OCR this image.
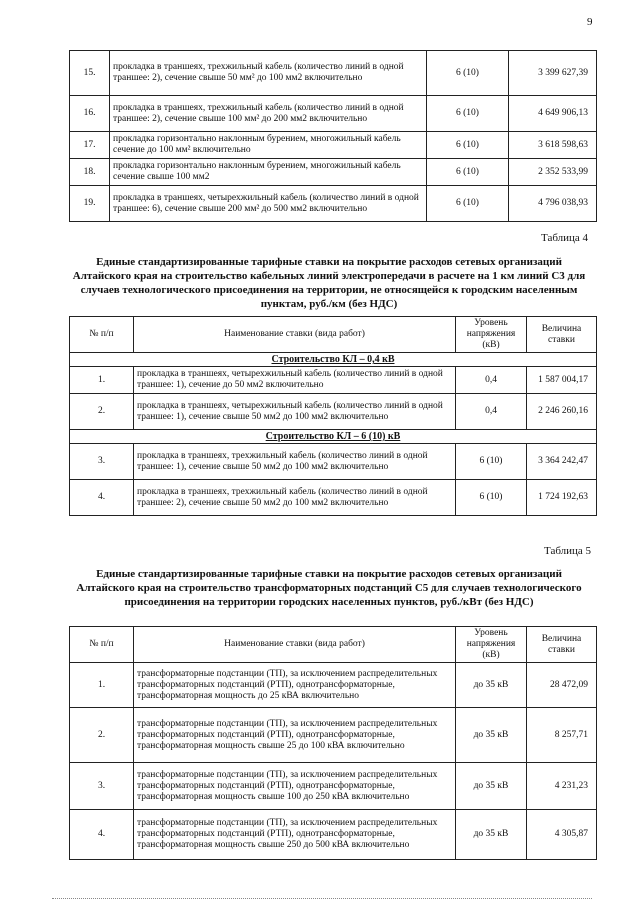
9
15.	прокладка в траншеях, трехжильный кабель (количество линий в одной траншее: 2), сечение свыше 50 мм² до 100 мм2 включительно	6 (10)	3 399 627,39
16.	прокладка в траншеях, трехжильный кабель (количество линий в одной траншее: 2), сечение свыше 100 мм² до 200 мм2 включительно	6 (10)	4 649 906,13
17.	прокладка горизонтально наклонным бурением, многожильный кабель сечение до 100 мм² включительно	6 (10)	3 618 598,63
18.	прокладка горизонтально наклонным бурением, многожильный кабель сечение свыше 100 мм2	6 (10)	2 352 533,99
19.	прокладка в траншеях, четырехжильный кабель (количество линий в одной траншее: 6), сечение свыше 200 мм² до 500 мм2 включительно	6 (10)	4 796 038,93
Таблица 4
Единые стандартизированные тарифные ставки на покрытие расходов сетевых организаций Алтайского края на строительство кабельных линий электропередачи в расчете на 1 км линий С3 для случаев технологического присоединения на территории, не относящейся к городским населенным пунктам, руб./км (без НДС)
№ п/п	Наименование ставки (вида работ)	Уровень напряжения (кВ)	Величина ставки
Строительство КЛ – 0,4 кВ			
1.	прокладка в траншеях, четырехжильный кабель (количество линий в одной траншее: 1), сечение до 50 мм2 включительно	0,4	1 587 004,17
2.	прокладка в траншеях, четырехжильный кабель (количество линий в одной траншее: 1), сечение свыше 50 мм2 до 100 мм2 включительно	0,4	2 246 260,16
Строительство КЛ – 6 (10) кВ			
3.	прокладка в траншеях, трехжильный кабель (количество линий в одной траншее: 1), сечение свыше 50 мм2 до 100 мм2 включительно	6 (10)	3 364 242,47
4.	прокладка в траншеях, трехжильный кабель (количество линий в одной траншее: 2), сечение свыше 50 мм2 до 100 мм2 включительно	6 (10)	1 724 192,63
Таблица 5
Единые стандартизированные тарифные ставки на покрытие расходов сетевых организаций Алтайского края на строительство трансформаторных подстанций С5 для случаев технологического присоединения на территории городских населенных пунктов, руб./кВт (без НДС)
№ п/п	Наименование ставки (вида работ)	Уровень напряжения (кВ)	Величина ставки
1.	трансформаторные подстанции (ТП), за исключением распределительных трансформаторных подстанций (РТП), однотрансформаторные, трансформаторная мощность до 25 кВА включительно	до 35 кВ	28 472,09
2.	трансформаторные подстанции (ТП), за исключением распределительных трансформаторных подстанций (РТП), однотрансформаторные, трансформаторная мощность свыше 25 до 100 кВА включительно	до 35 кВ	8 257,71
3.	трансформаторные подстанции (ТП), за исключением распределительных трансформаторных подстанций (РТП), однотрансформаторные, трансформаторная мощность свыше 100 до 250 кВА включительно	до 35 кВ	4 231,23
4.	трансформаторные подстанции (ТП), за исключением распределительных трансформаторных подстанций (РТП), однотрансформаторные, трансформаторная мощность свыше 250 до 500 кВА включительно	до 35 кВ	4 305,87
